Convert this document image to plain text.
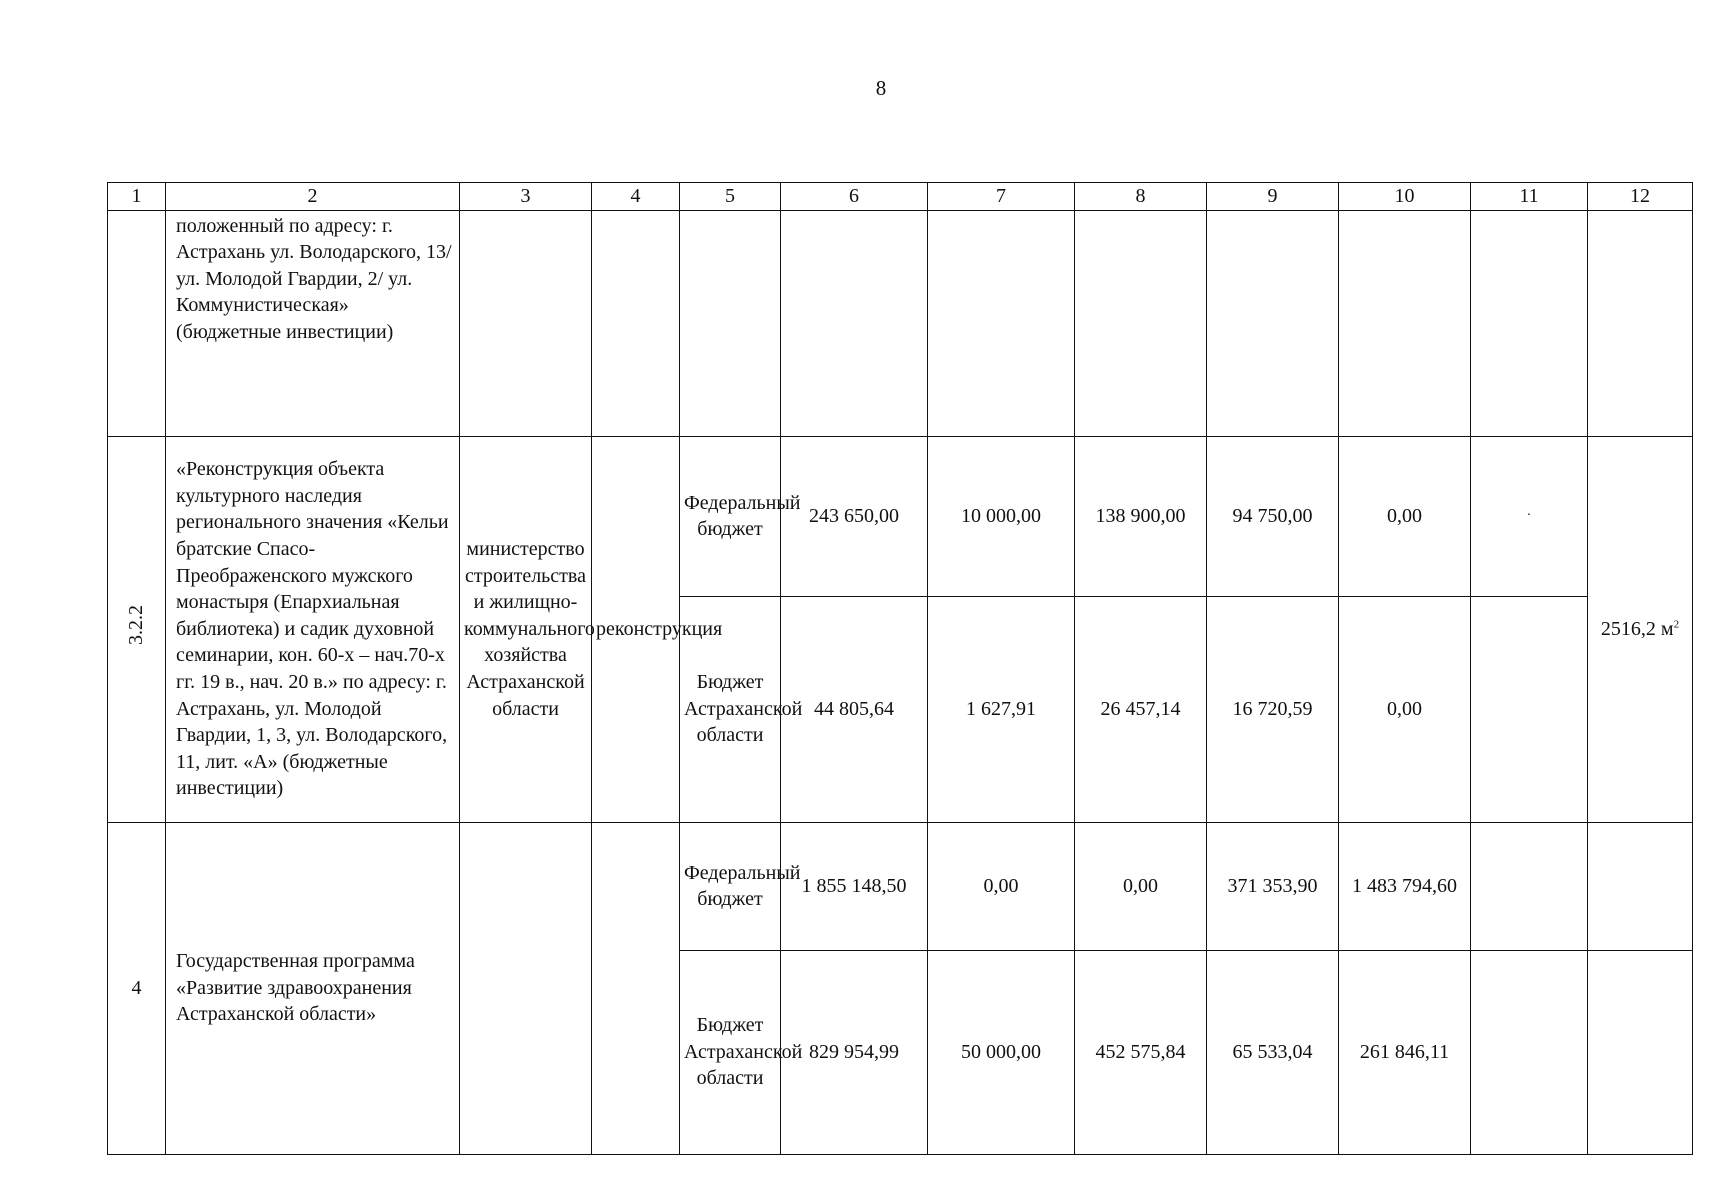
8
1	2	3	4	5	6	7	8	9	10	11	12
	положенный по адресу: г. Астрахань ул. Володарского, 13/ ул. Молодой Гвардии, 2/ ул. Коммунистическая» (бюджетные инвестиции)										
3.2.2	«Реконструкция объекта культурного наследия регионального значения «Кельи братские Спасо-Преображенского мужского монастыря (Епархиальная библиотека) и садик духовной семинарии, кон. 60-х – нач.70-х гг. 19 в., нач. 20 в.» по адресу: г. Астрахань, ул. Молодой Гвардии, 1, 3, ул. Володарского, 11, лит. «А» (бюджетные инвестиции)	министерство строительства и жилищно-коммунального хозяйства Астраханской области	реконструкция	Федеральный бюджет	243 650,00	10 000,00	138 900,00	94 750,00	0,00	·	2516,2 $м^2$
				Бюджет Астраханской области	44 805,64	1 627,91	26 457,14	16 720,59	0,00		
4	Государственная программа «Развитие здравоохранения Астраханской области»			Федеральный бюджет	1 855 148,50	0,00	0,00	371 353,90	1 483 794,60		
				Бюджет Астраханской области	829 954,99	50 000,00	452 575,84	65 533,04	261 846,11		
